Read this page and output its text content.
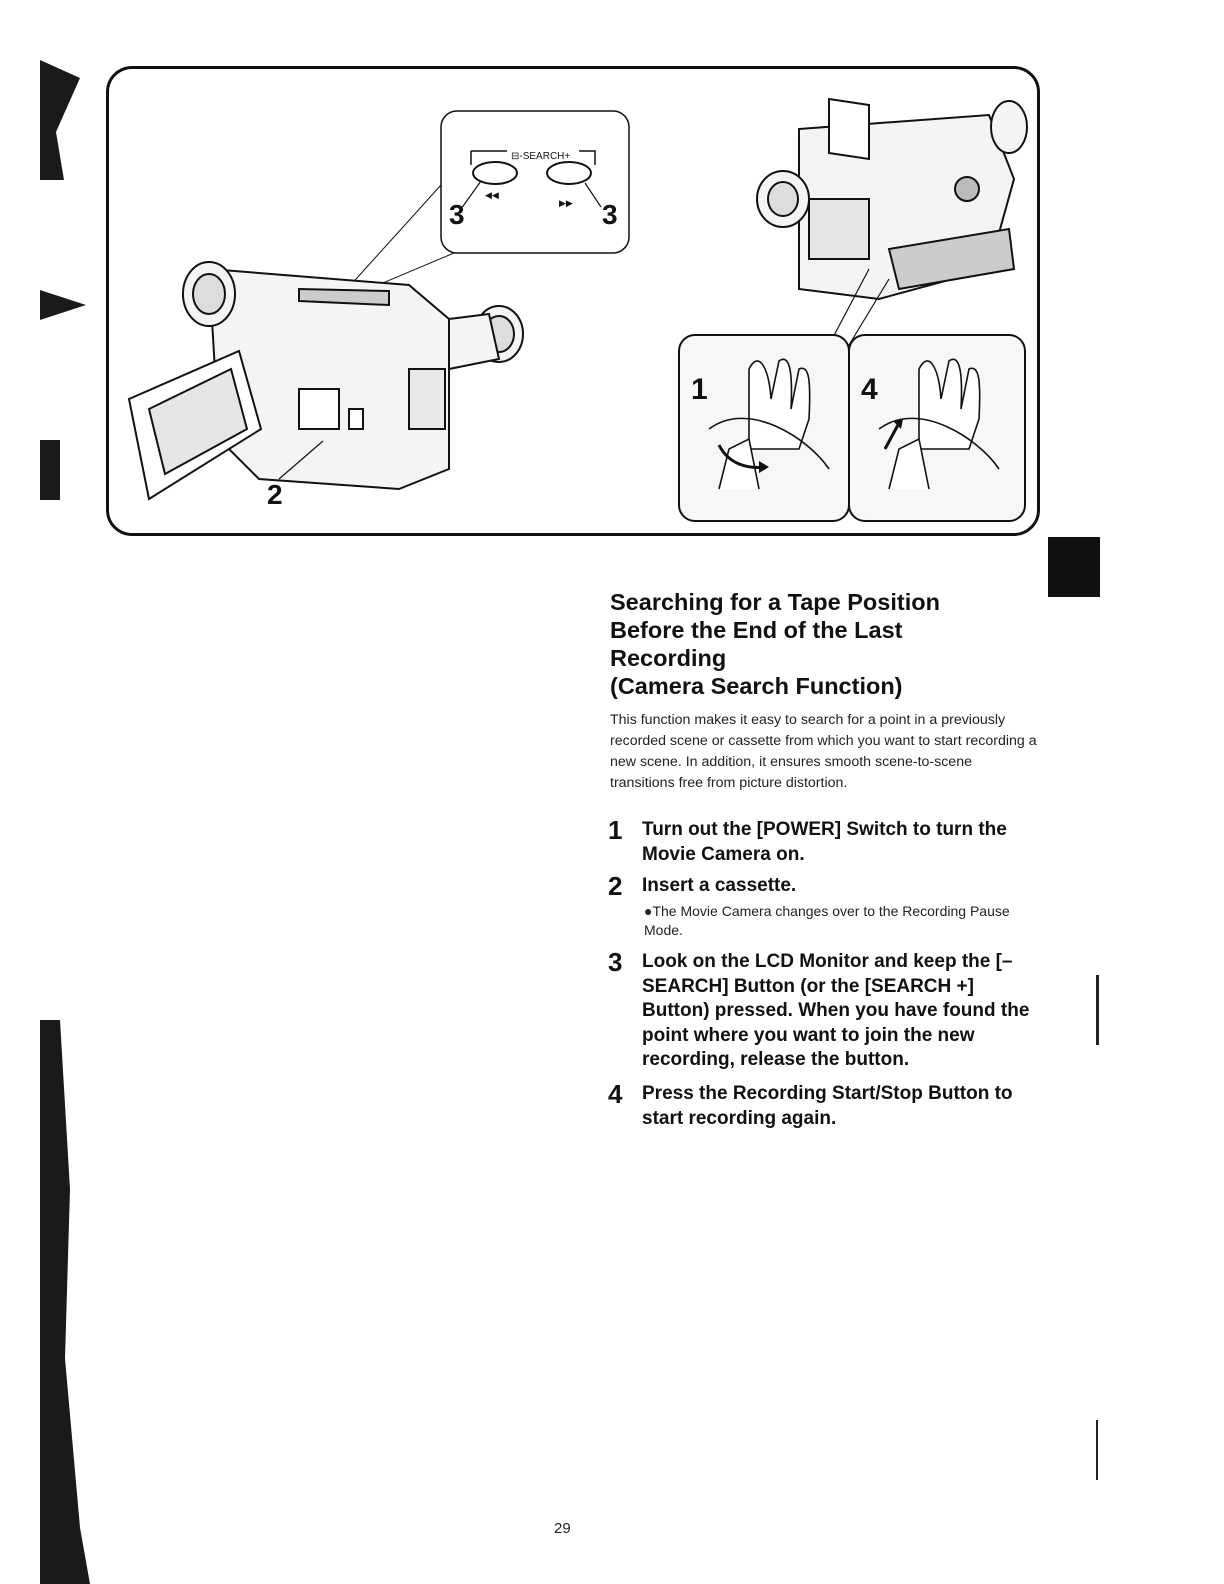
⊟-SEARCH+
◀◀
▶▶
3	3
2
1	4
Searching for a Tape Position
Before the End of the Last
Recording
(Camera Search Function)
This function makes it easy to search for a point in a previously recorded scene or cassette from which you want to start recording a new scene. In addition, it ensures smooth scene-to-scene transitions free from picture distortion.
1 Turn out the [POWER] Switch to turn the Movie Camera on.
2 Insert a cassette.
●The Movie Camera changes over to the Recording Pause Mode.
3 Look on the LCD Monitor and keep the [– SEARCH] Button (or the [SEARCH +] Button) pressed. When you have found the point where you want to join the new recording, release the button.
4 Press the Recording Start/Stop Button to start recording again.
29
